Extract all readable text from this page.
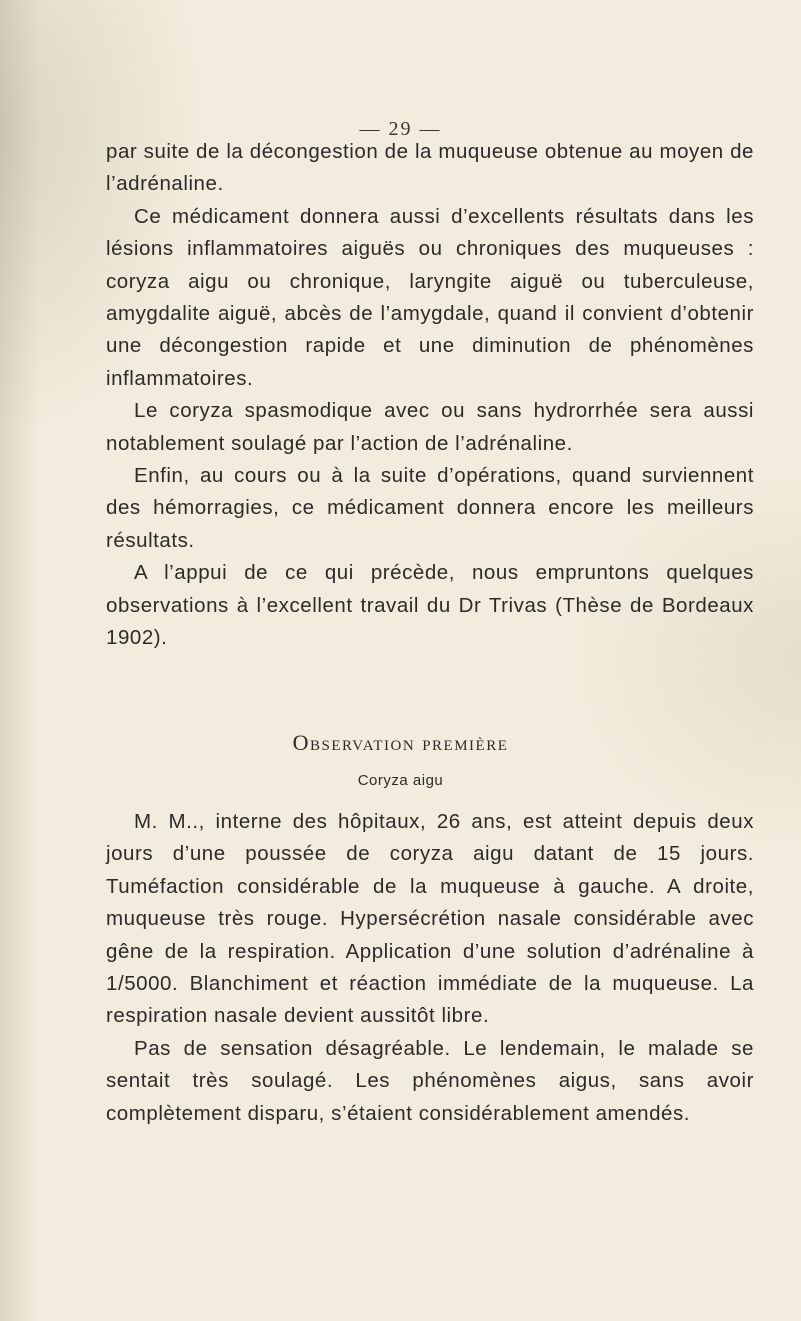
— 29 —

par suite de la décongestion de la muqueuse obtenue au moyen de l’adrénaline.

Ce médicament donnera aussi d’excellents résultats dans les lésions inflammatoires aiguës ou chroniques des muqueuses : coryza aigu ou chronique, laryngite aiguë ou tuberculeuse, amygdalite aiguë, abcès de l’amygdale, quand il convient d’obtenir une décongestion rapide et une diminution de phénomènes inflammatoires.

Le coryza spasmodique avec ou sans hydrorrhée sera aussi notablement soulagé par l’action de l’adrénaline.

Enfin, au cours ou à la suite d’opérations, quand surviennent des hémorragies, ce médicament donnera encore les meilleurs résultats.

A l’appui de ce qui précède, nous empruntons quelques observations à l’excellent travail du Dr Trivas (Thèse de Bordeaux 1902).

Observation première
Coryza aigu

M. M.., interne des hôpitaux, 26 ans, est atteint depuis deux jours d’une poussée de coryza aigu datant de 15 jours. Tuméfaction considérable de la muqueuse à gauche. A droite, muqueuse très rouge. Hypersécrétion nasale considérable avec gêne de la respiration. Application d’une solution d’adrénaline à 1/5000. Blanchiment et réaction immédiate de la muqueuse. La respiration nasale devient aussitôt libre.

Pas de sensation désagréable. Le lendemain, le malade se sentait très soulagé. Les phénomènes aigus, sans avoir complètement disparu, s’étaient considérablement amendés.
